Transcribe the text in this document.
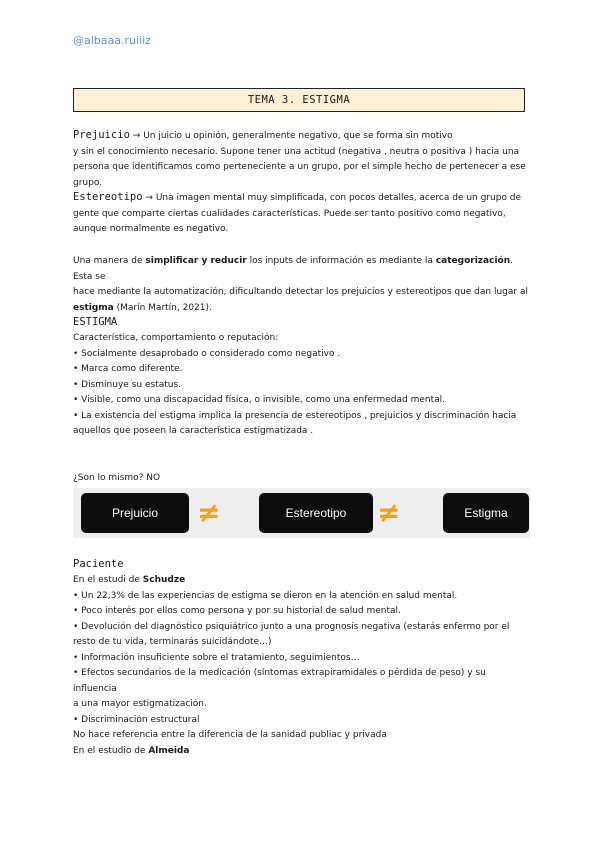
@albaaa.ruiiiz
TEMA 3. ESTIGMA
Prejuicio → Un juicio u opinión, generalmente negativo, que se forma sin motivo
y sin el conocimiento necesario. Supone tener una actitud (negativa , neutra o positiva ) hacia una
persona que identificamos como perteneciente a un grupo, por el simple hecho de pertenecer a ese
grupo.
Estereotipo → Una imagen mental muy simplificada, con pocos detalles, acerca de un grupo de
gente que comparte ciertas cualidades características. Puede ser tanto positivo como negativo,
aunque normalmente es negativo.
Una manera de simplificar y reducir los inputs de información es mediante la categorización. Esta se
hace mediante la automatización, dificultando detectar los prejuicios y estereotipos que dan lugar al
estigma (Marín Martín, 2021).
ESTIGMA
Característica, comportamiento o reputación:
• Socialmente desaprobado o considerado como negativo .
• Marca como diferente.
• Disminuye su estatus.
• Visible, como una discapacidad física, o invisible, como una enfermedad mental.
• La existencia del estigma implica la presencia de estereotipos , prejuicios y discriminación hacia
aquellos que poseen la característica estigmatizada .
¿Son lo mismo? NO
Prejuicio	≠	Estereotipo	≠	Estigma
Paciente
En el estudi de Schudze
• Un 22,3% de las experiencias de estigma se dieron en la atención en salud mental.
• Poco interés por ellos como persona y por su historial de salud mental.
• Devolución del diagnóstico psiquiátrico junto a una prognosis negativa (estarás enfermo por el
resto de tu vida, terminarás suicidándote…)
• Información insuficiente sobre el tratamiento, seguimientos…
• Efectos secundarios de la medicación (síntomas extrapiramidales o pérdida de peso) y su influencia
a una mayor estigmatización.
• Discriminación estructural
No hace referencia entre la diferencia de la sanidad publiac y privada
En el estudio de Almeida
